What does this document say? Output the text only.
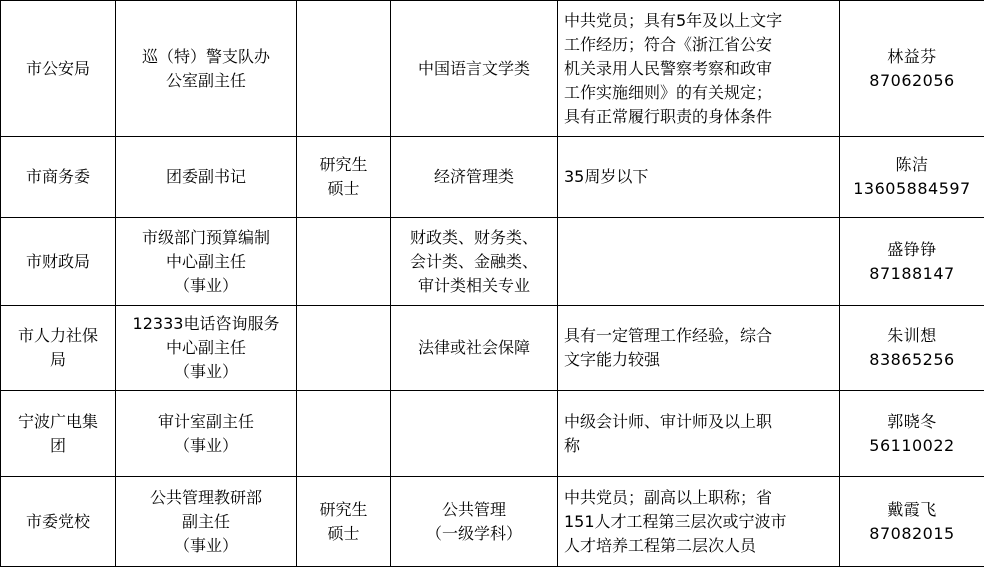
市公安局	巡（特）警支队办
公室副主任		中国语言文学类	中共党员；具有5年及以上文字
工作经历；符合《浙江省公安
机关录用人民警察考察和政审
工作实施细则》的有关规定；
具有正常履行职责的身体条件	林益芬
87062056

市商务委	团委副书记	研究生
硕士	经济管理类	35周岁以下	陈洁
13605884597

市财政局	市级部门预算编制
中心副主任
（事业）		财政类、财务类、
会计类、金融类、
审计类相关专业		盛铮铮
87188147

市人力社保
局	12333电话咨询服务
中心副主任
（事业）		法律或社会保障	具有一定管理工作经验，综合
文字能力较强	朱训想
83865256

宁波广电集
团	审计室副主任
（事业）			中级会计师、审计师及以上职
称	郭晓冬
56110022

市委党校	公共管理教研部
副主任
（事业）	研究生
硕士	公共管理
（一级学科）	中共党员；副高以上职称；省
151人才工程第三层次或宁波市
人才培养工程第二层次人员	戴霞飞
87082015
